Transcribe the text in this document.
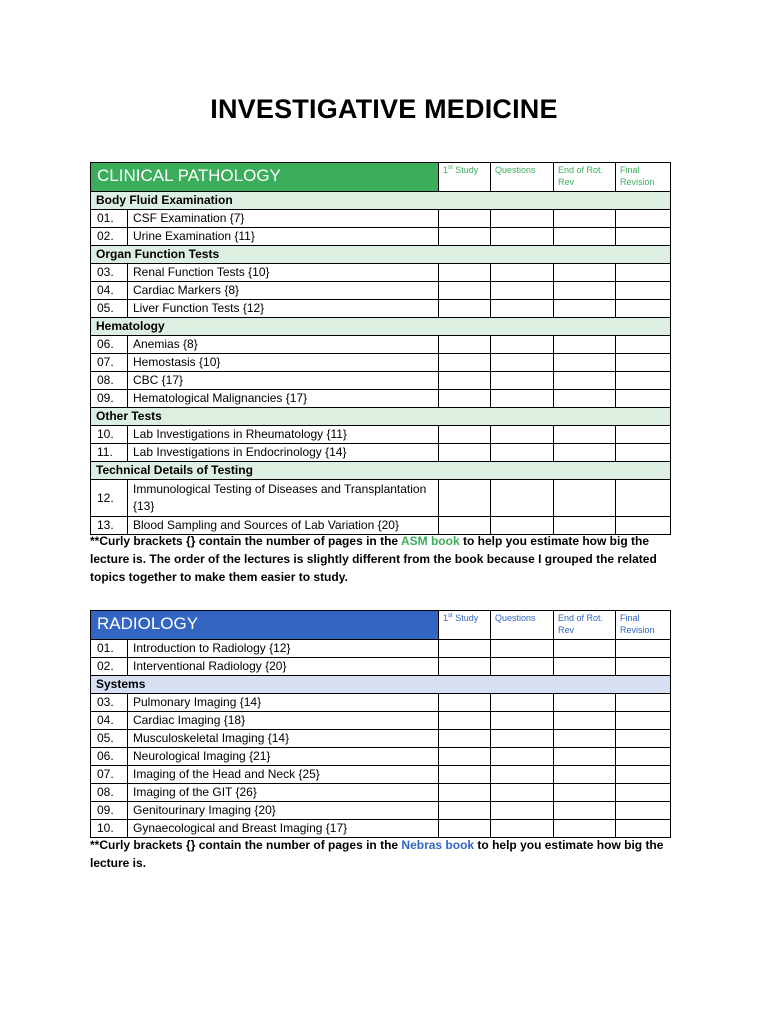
INVESTIGATIVE MEDICINE
CLINICAL PATHOLOGY		1st Study	Questions	End of Rot. Rev	Final Revision
Body Fluid Examination					
01.	CSF Examination {7}				
02.	Urine Examination {11}				
Organ Function Tests					
03.	Renal Function Tests {10}				
04.	Cardiac Markers {8}				
05.	Liver Function Tests {12}				
Hematology					
06.	Anemias {8}				
07.	Hemostasis {10}				
08.	CBC {17}				
09.	Hematological Malignancies {17}				
Other Tests					
10.	Lab Investigations in Rheumatology {11}				
11.	Lab Investigations in Endocrinology {14}				
Technical Details of Testing					
12.	Immunological Testing of Diseases and Transplantation {13}				
13.	Blood Sampling and Sources of Lab Variation {20}				
**Curly brackets {} contain the number of pages in the ASM book to help you estimate how big the lecture is. The order of the lectures is slightly different from the book because I grouped the related topics together to make them easier to study.
RADIOLOGY		1st Study	Questions	End of Rot. Rev	Final Revision
01.	Introduction to Radiology {12}				
02.	Interventional Radiology {20}				
Systems					
03.	Pulmonary Imaging {14}				
04.	Cardiac Imaging {18}				
05.	Musculoskeletal Imaging {14}				
06.	Neurological Imaging {21}				
07.	Imaging of the Head and Neck {25}				
08.	Imaging of the GIT {26}				
09.	Genitourinary Imaging {20}				
10.	Gynaecological and Breast Imaging {17}				
**Curly brackets {} contain the number of pages in the Nebras book to help you estimate how big the lecture is.
